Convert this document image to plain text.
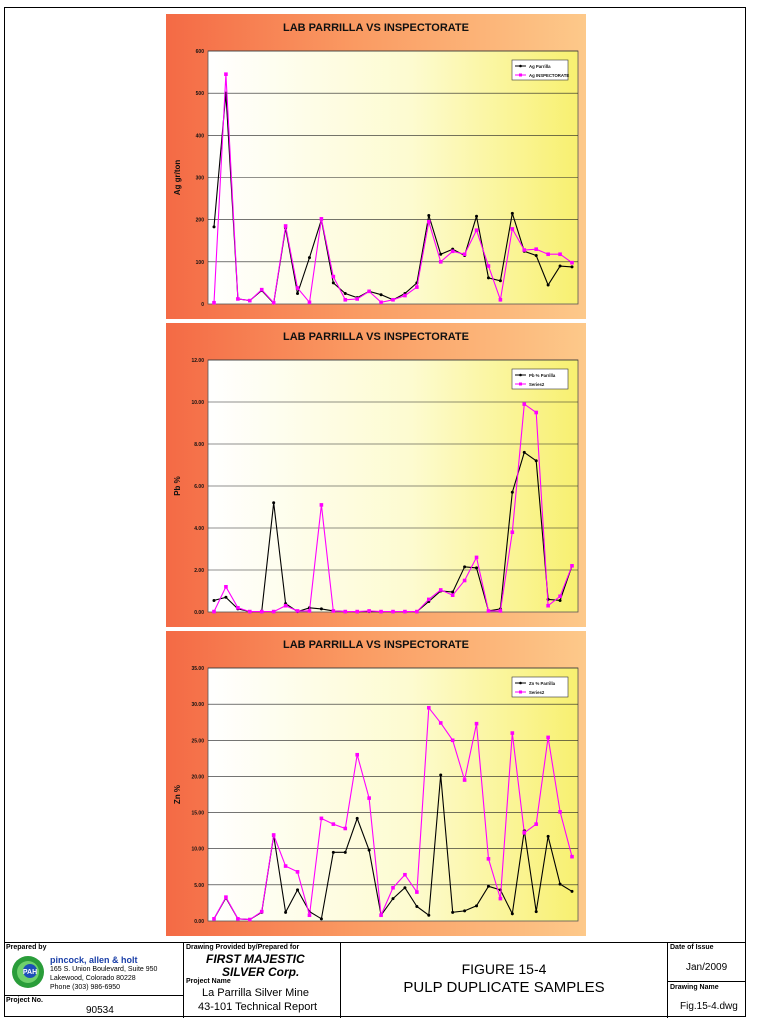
LAB PARRILLA VS INSPECTORATE
0
100
200
300
400
500
600
Ag gr/ton
Ag Parrilla
Ag INSPECTORATE
LAB PARRILLA VS INSPECTORATE
0.00
2.00
4.00
6.00
8.00
10.00
12.00
Pb %
Pb % Parrilla
Series2
LAB PARRILLA VS INSPECTORATE
0.00
5.00
10.00
15.00
20.00
25.00
30.00
35.00
Zn %
Zn % Parrilla
Series2
Prepared by
PAH
pincock, allen & holt
165 S. Union Boulevard, Suite 950
Lakewood, Colorado 80228
Phone (303) 986-6950
Project No.
90534
Drawing Provided by/Prepared for
FIRST MAJESTIC
SILVER Corp.
Project Name
La Parrilla Silver Mine
43-101 Technical Report
FIGURE 15-4
PULP DUPLICATE SAMPLES
Date of Issue
Jan/2009
Drawing Name
Fig.15-4.dwg
